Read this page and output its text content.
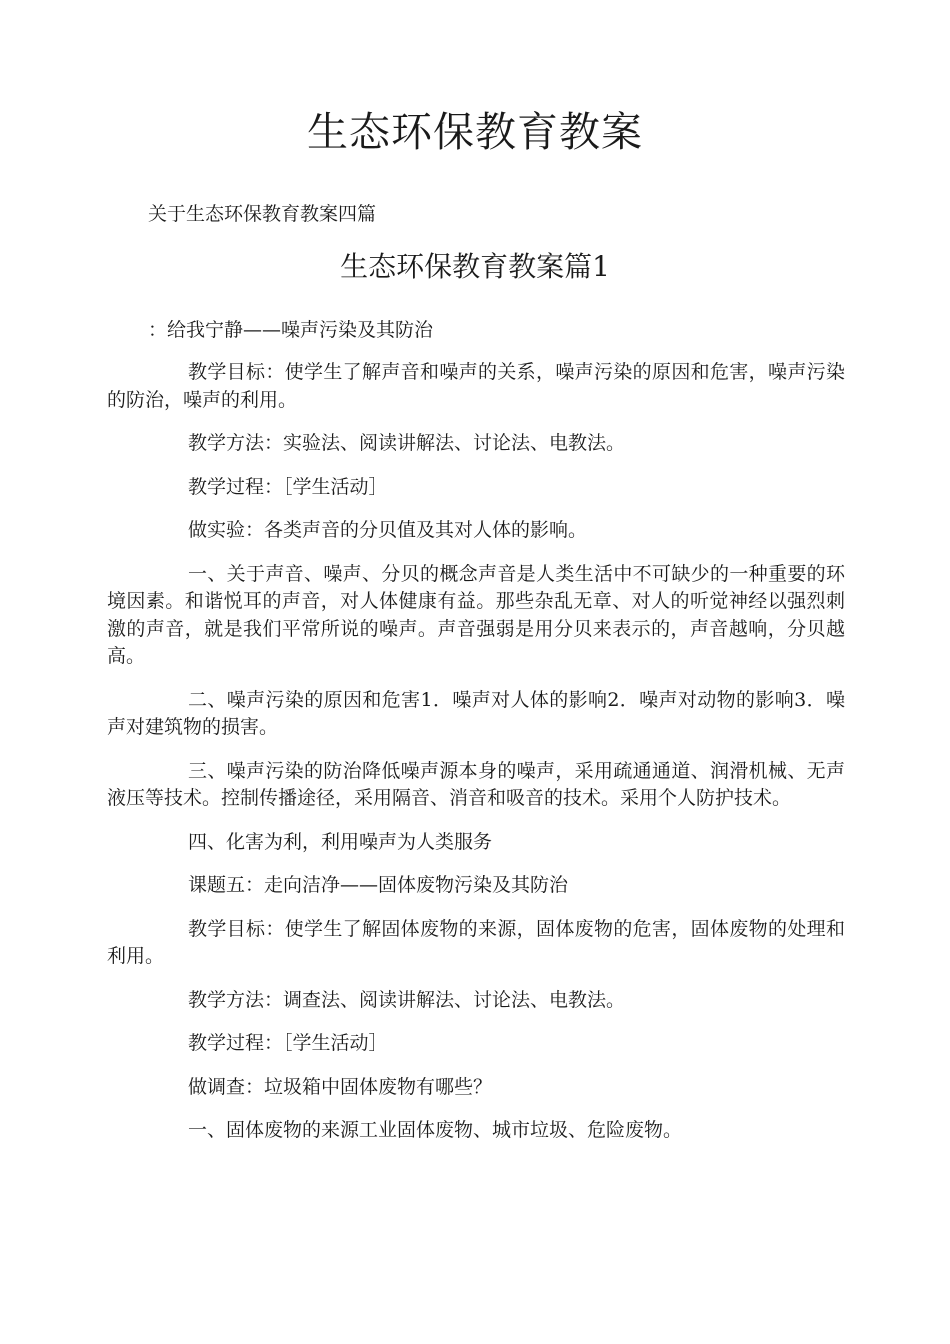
生态环保教育教案

关于生态环保教育教案四篇

生态环保教育教案篇1

：给我宁静——噪声污染及其防治

教学目标：使学生了解声音和噪声的关系，噪声污染的原因和危害，噪声污染的防治，噪声的利用。

教学方法：实验法、阅读讲解法、讨论法、电教法。

教学过程：［学生活动］

做实验：各类声音的分贝值及其对人体的影响。

一、关于声音、噪声、分贝的概念声音是人类生活中不可缺少的一种重要的环境因素。和谐悦耳的声音，对人体健康有益。那些杂乱无章、对人的听觉神经以强烈刺激的声音，就是我们平常所说的噪声。声音强弱是用分贝来表示的，声音越响，分贝越高。

二、噪声污染的原因和危害1．噪声对人体的影响2．噪声对动物的影响3．噪声对建筑物的损害。

三、噪声污染的防治降低噪声源本身的噪声，采用疏通通道、润滑机械、无声液压等技术。控制传播途径，采用隔音、消音和吸音的技术。采用个人防护技术。

四、化害为利，利用噪声为人类服务

课题五：走向洁净——固体废物污染及其防治

教学目标：使学生了解固体废物的来源，固体废物的危害，固体废物的处理和利用。

教学方法：调查法、阅读讲解法、讨论法、电教法。

教学过程：［学生活动］

做调查：垃圾箱中固体废物有哪些？

一、固体废物的来源工业固体废物、城市垃圾、危险废物。
